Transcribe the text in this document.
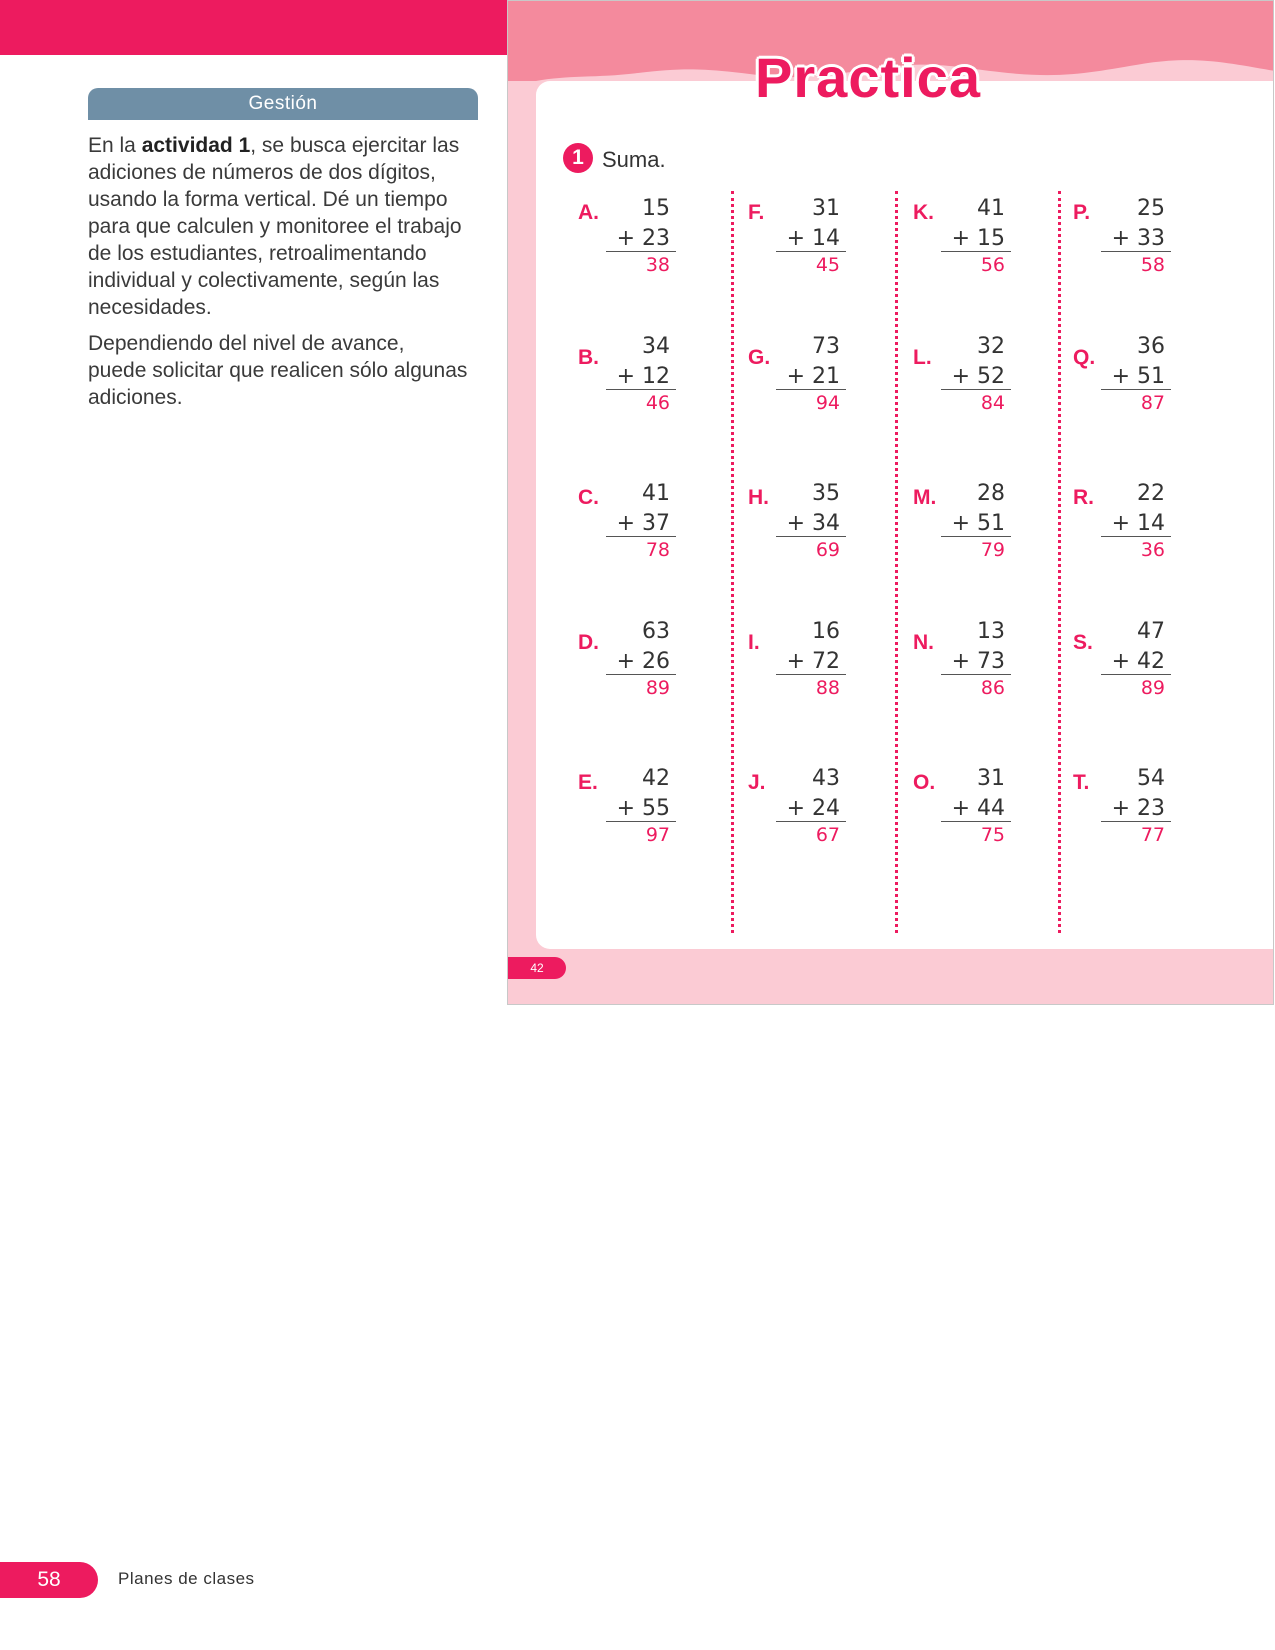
Gestión

En la actividad 1, se busca ejercitar las adiciones de números de dos dígitos, usando la forma vertical. Dé un tiempo para que calculen y monitoree el trabajo de los estudiantes, retroalimentando individual y colectivamente, según las necesidades.

Dependiendo del nivel de avance, puede solicitar que realicen sólo algunas adiciones.

Practica
1 Suma.
A. 15
+ 23
38
B. 34
+ 12
46
C. 41
+ 37
78
D. 63
+ 26
89
E. 42
+ 55
97
F. 31
+ 14
45
G. 73
+ 21
94
H. 35
+ 34
69
I. 16
+ 72
88
J. 43
+ 24
67
K. 41
+ 15
56
L. 32
+ 52
84
M. 28
+ 51
79
N. 13
+ 73
86
O. 31
+ 44
75
P. 25
+ 33
58
Q. 36
+ 51
87
R. 22
+ 14
36
S. 47
+ 42
89
T. 54
+ 23
77
42
58	Planes de clases
